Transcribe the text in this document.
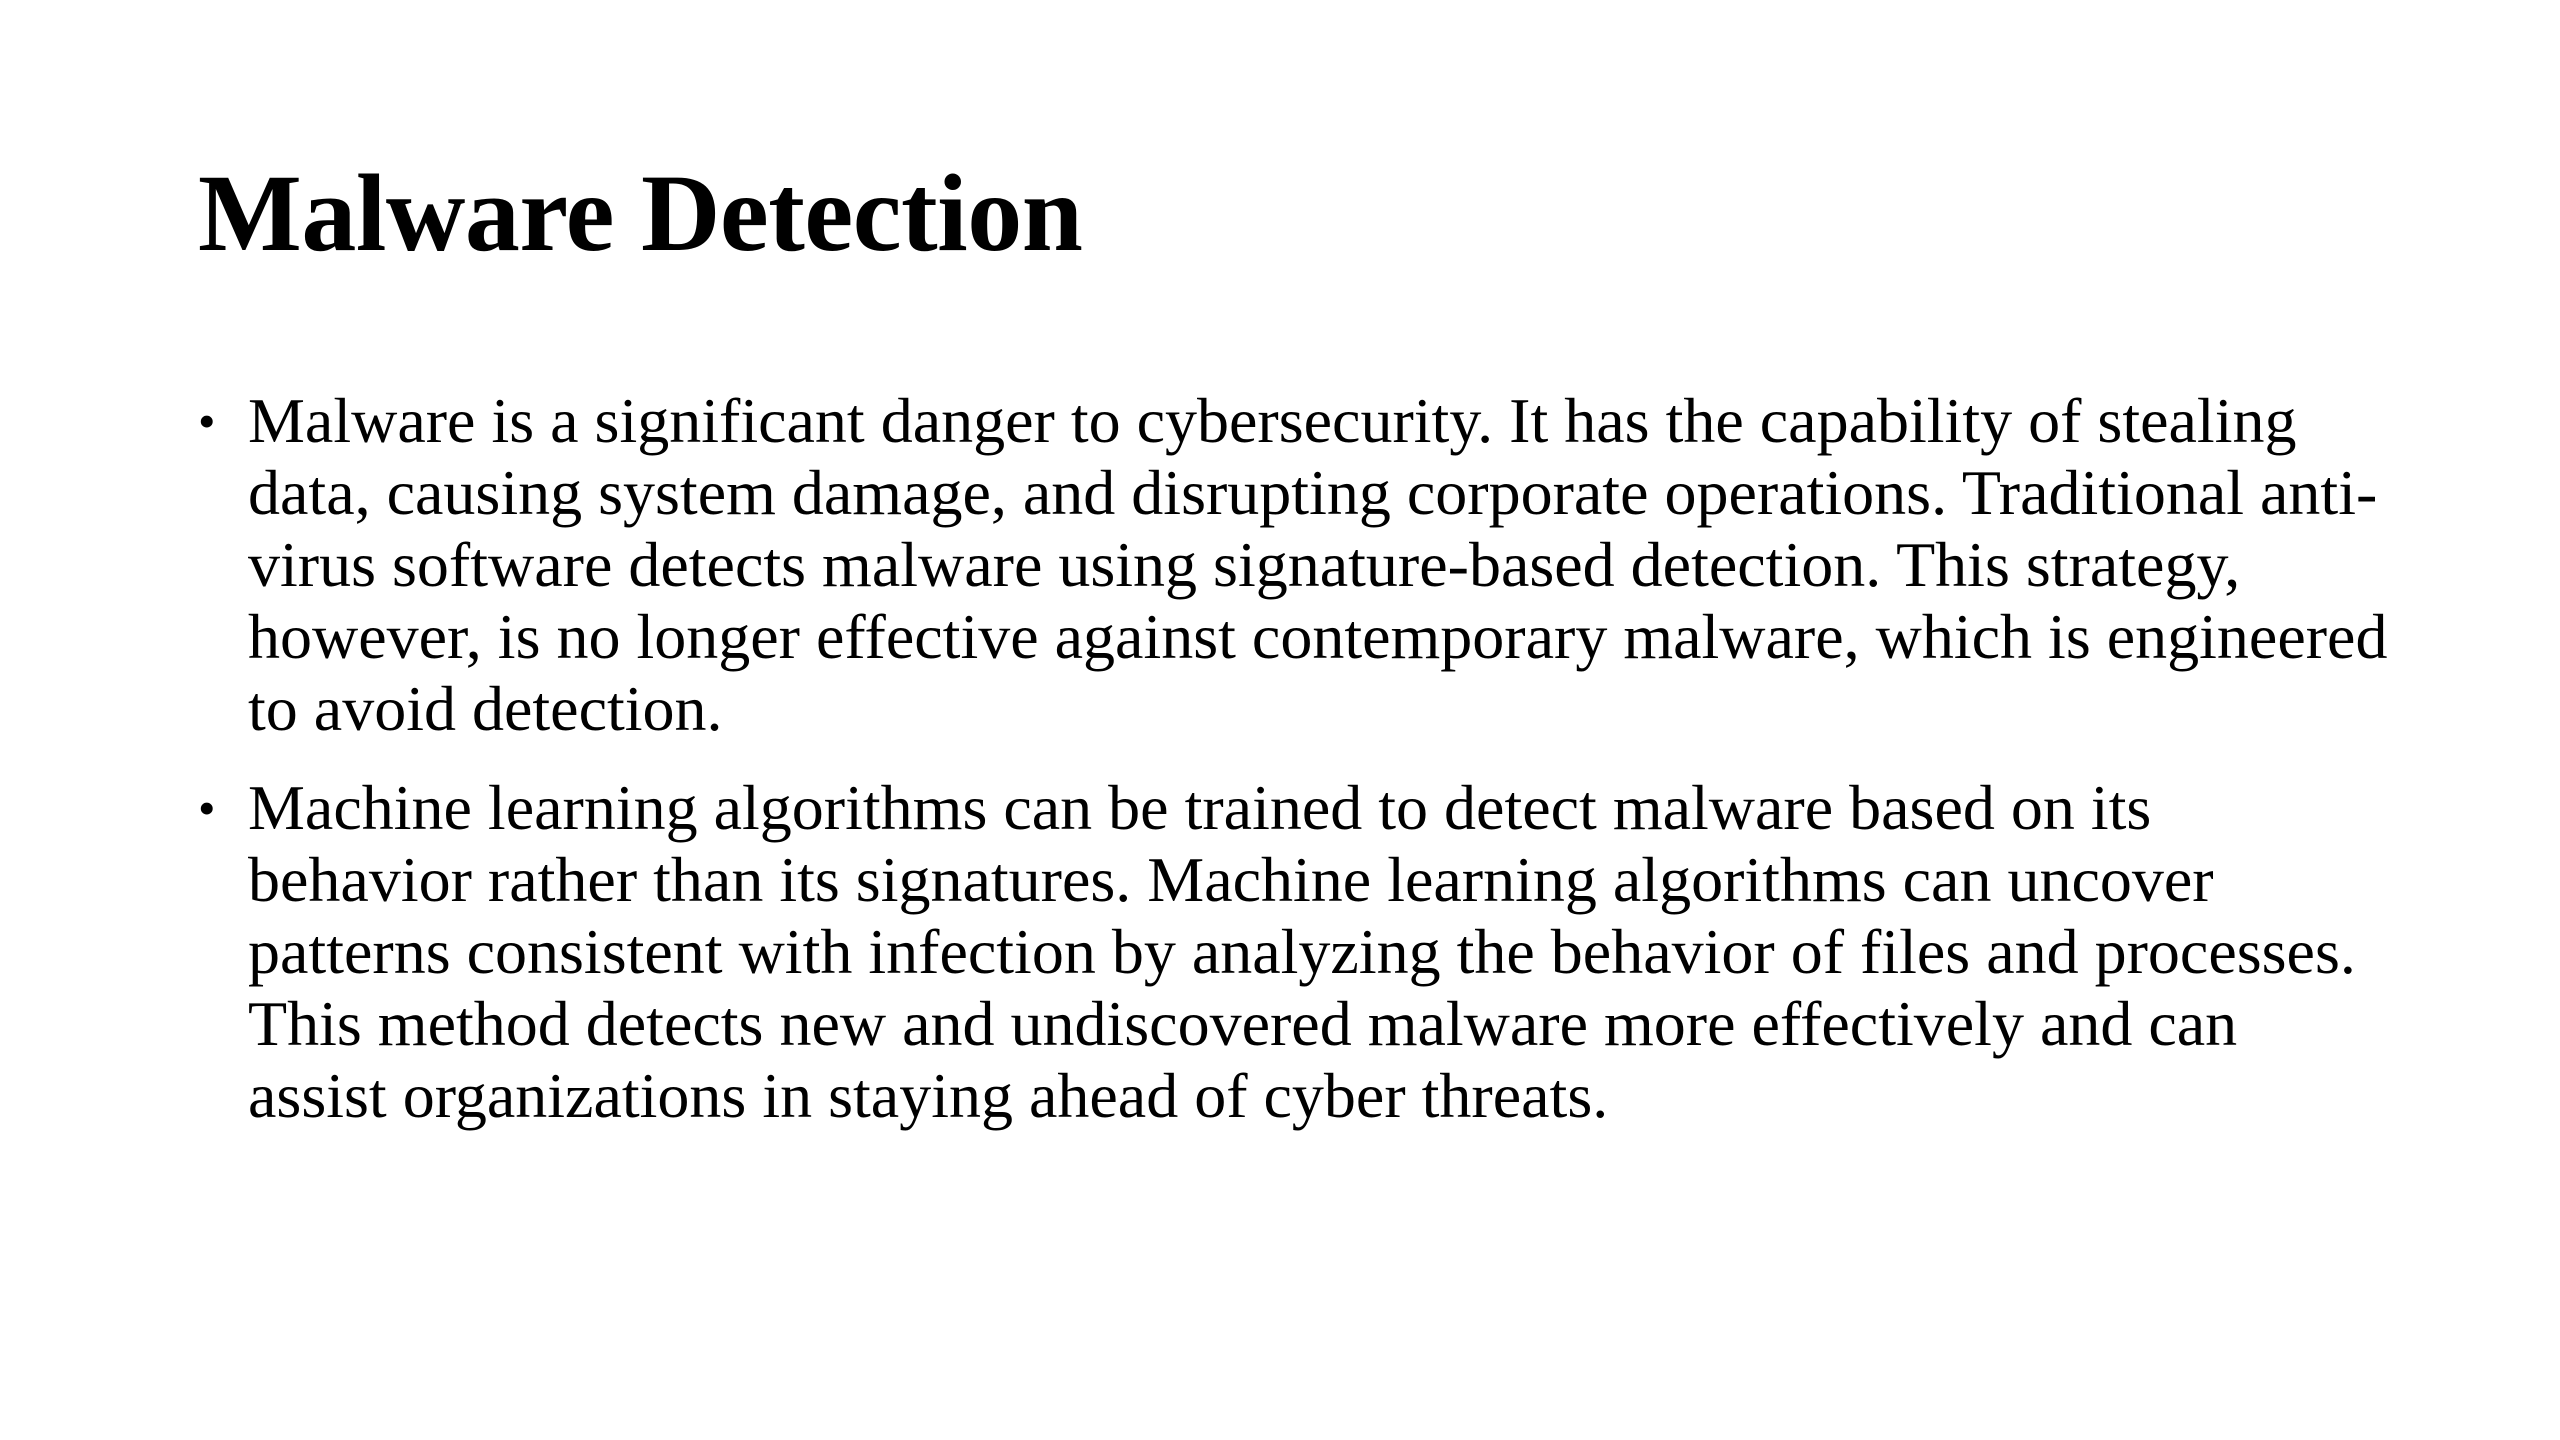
Malware Detection
• Malware is a significant danger to cybersecurity. It has the capability of stealing data, causing system damage, and disrupting corporate operations. Traditional anti-virus software detects malware using signature-based detection. This strategy, however, is no longer effective against contemporary malware, which is engineered to avoid detection.
• Machine learning algorithms can be trained to detect malware based on its behavior rather than its signatures. Machine learning algorithms can uncover patterns consistent with infection by analyzing the behavior of files and processes. This method detects new and undiscovered malware more effectively and can assist organizations in staying ahead of cyber threats.
